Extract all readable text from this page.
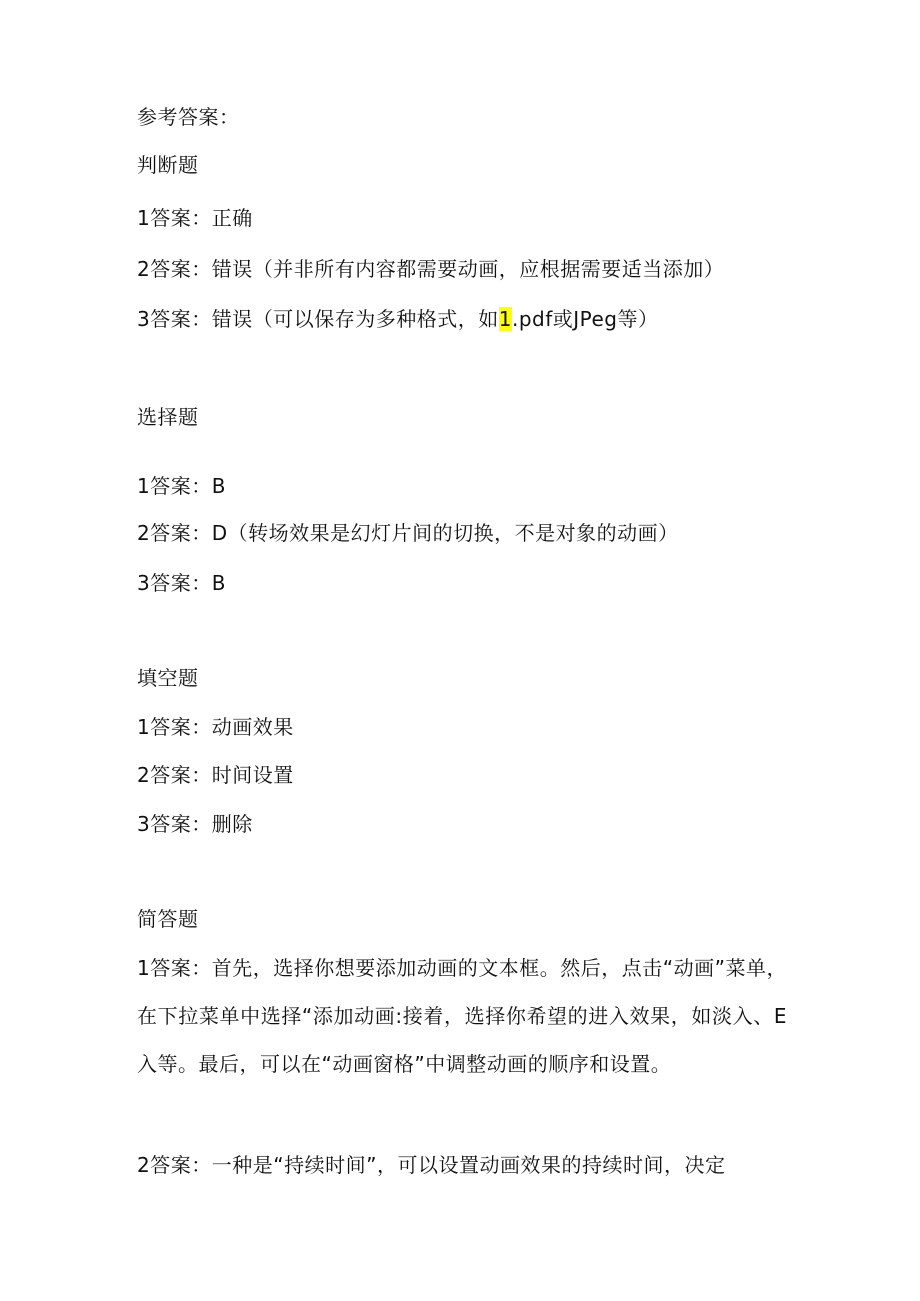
参考答案：
判断题
1答案：正确
2答案：错误（并非所有内容都需要动画，应根据需要适当添加）
3答案：错误（可以保存为多种格式，如1.pdf或JPeg等）
选择题
1答案：B
2答案：D（转场效果是幻灯片间的切换，不是对象的动画）
3答案：B
填空题
1答案：动画效果
2答案：时间设置
3答案：删除
简答题
1答案：首先，选择你想要添加动画的文本框。然后，点击“动画”菜单，在下拉菜单中选择“添加动画:接着，选择你希望的进入效果，如淡入、E入等。最后，可以在“动画窗格”中调整动画的顺序和设置。
2答案：一种是“持续时间”，可以设置动画效果的持续时间，决定
